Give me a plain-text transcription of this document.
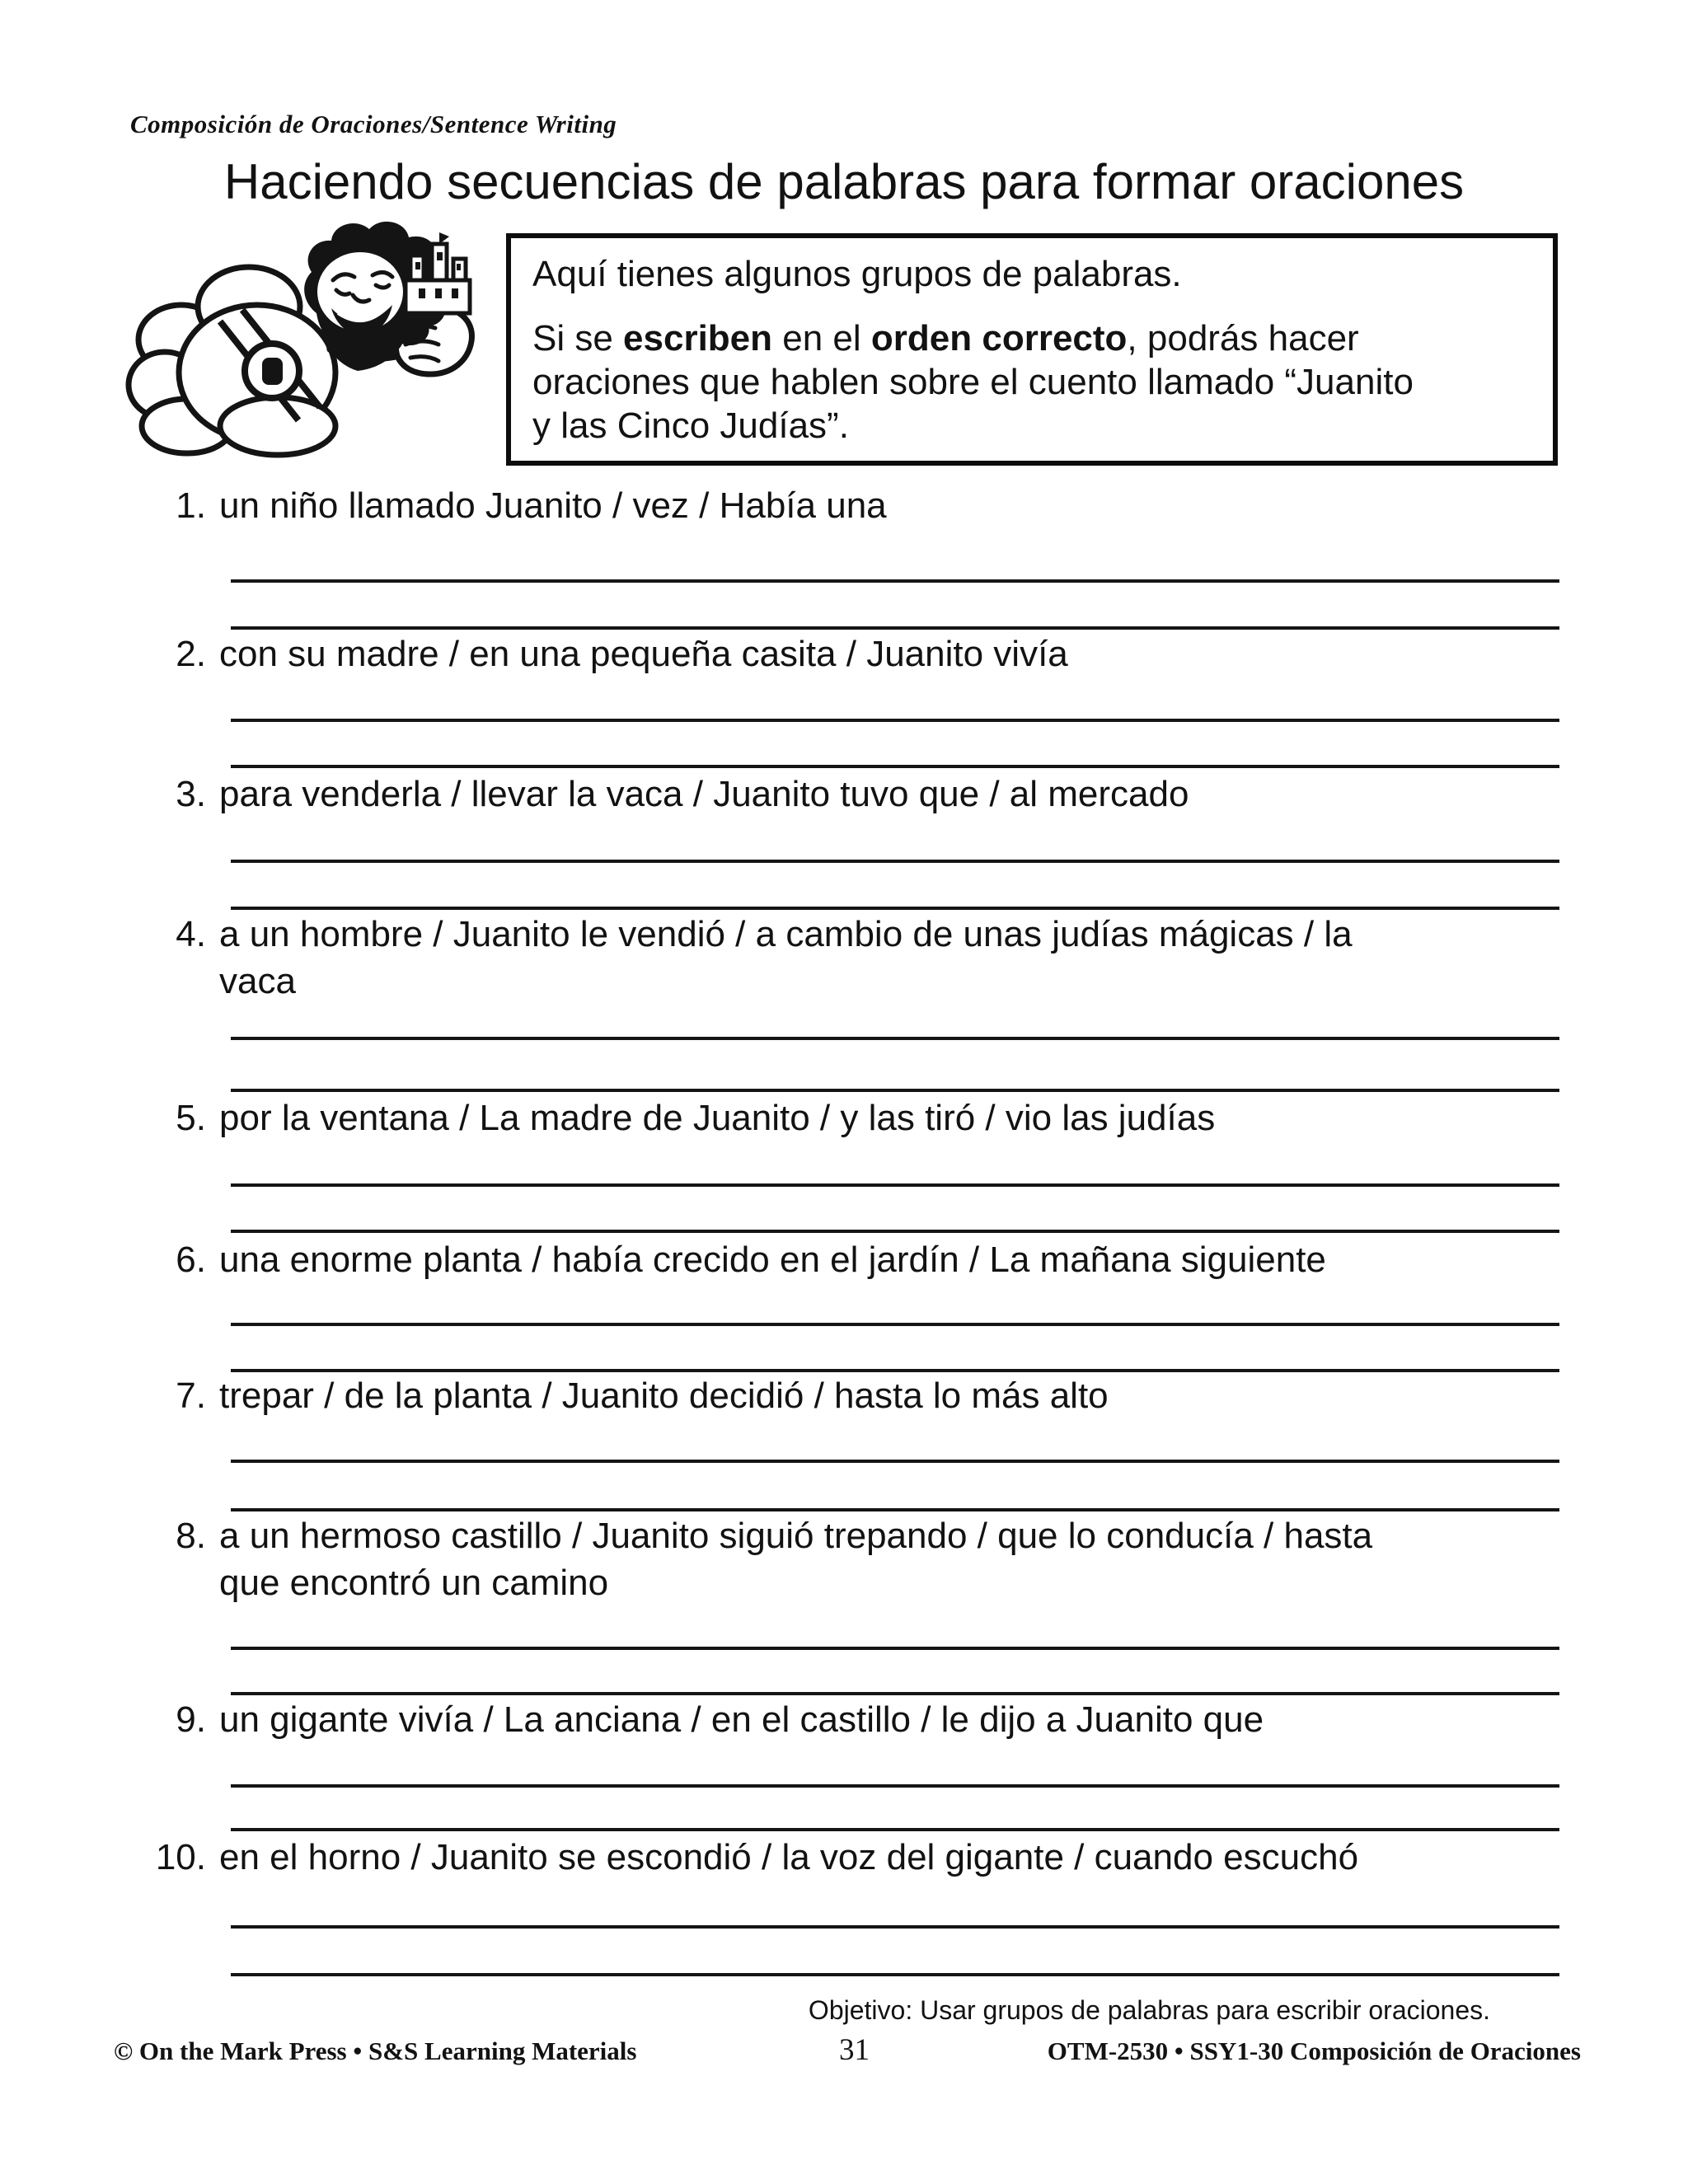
Composición de Oraciones/Sentence Writing
Haciendo secuencias de palabras para formar oraciones

Aquí tienes algunos grupos de palabras.

Si se escriben en el orden correcto, podrás hacer

oraciones que hablen sobre el cuento llamado “Juanito

y las Cinco Judías”.

1. un niño llamado Juanito / vez / Había una
2. con su madre / en una pequeña casita / Juanito vivía
3. para venderla / llevar la vaca / Juanito tuvo que / al mercado
4. a un hombre / Juanito le vendió / a cambio de unas judías mágicas / la
vaca
5. por la ventana / La madre de Juanito / y las tiró / vio las judías
6. una enorme planta / había crecido en el jardín / La mañana siguiente
7. trepar / de la planta / Juanito decidió / hasta lo más alto
8. a un hermoso castillo / Juanito siguió trepando / que lo conducía / hasta
que encontró un camino
9. un gigante vivía / La anciana / en el castillo / le dijo a Juanito que
10. en el horno / Juanito se escondió / la voz del gigante / cuando escuchó
Objetivo: Usar grupos de palabras para escribir oraciones.
© On the Mark Press • S&S Learning Materials	31	OTM-2530 • SSY1-30 Composición de Oraciones
